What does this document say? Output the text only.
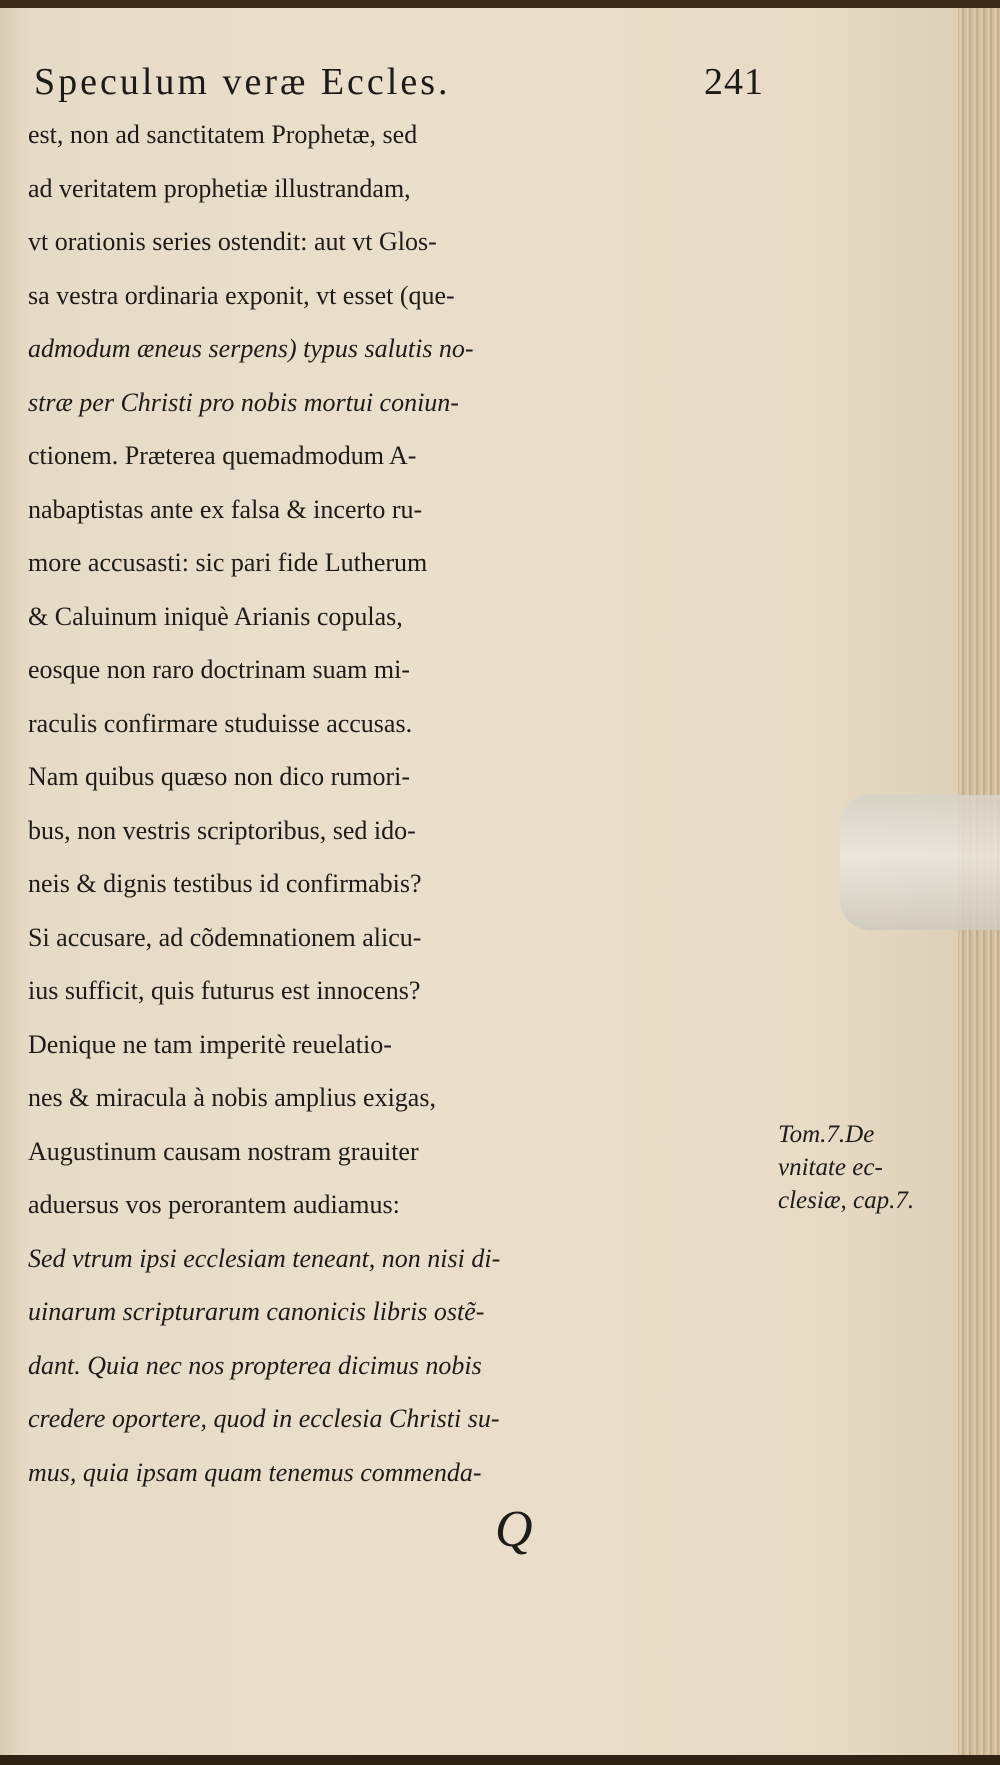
Speculum veræ Eccles.	241
est, non ad sanctitatem Prophetæ, sed
ad veritatem prophetiæ illustrandam,
vt orationis series ostendit: aut vt Glos-
sa vestra ordinaria exponit, vt esset (que-
admodum æneus serpens) typus salutis no-
stræ per Christi pro nobis mortui coniun-
ctionem. Præterea quemadmodum A-
nabaptistas ante ex falsa & incerto ru-
more accusasti: sic pari fide Lutherum
& Caluinum iniquè Arianis copulas,
eosque non raro doctrinam suam mi-
raculis confirmare studuisse accusas.
Nam quibus quæso non dico rumori-
bus, non vestris scriptoribus, sed ido-
neis & dignis testibus id confirmabis?
Si accusare, ad cõdemnationem alicu-
ius sufficit, quis futurus est innocens?
Denique ne tam imperitè reuelatio-
nes & miracula à nobis amplius exigas,
Augustinum causam nostram grauiter
aduersus vos perorantem audiamus:
Sed vtrum ipsi ecclesiam teneant, non nisi di-
uinarum scripturarum canonicis libris ostẽ-
dant. Quia nec nos propterea dicimus nobis
credere oportere, quod in ecclesia Christi su-
mus, quia ipsam quam tenemus commenda-
Tom.7.De
vnitate ec-
clesiæ, cap.7.
Q
